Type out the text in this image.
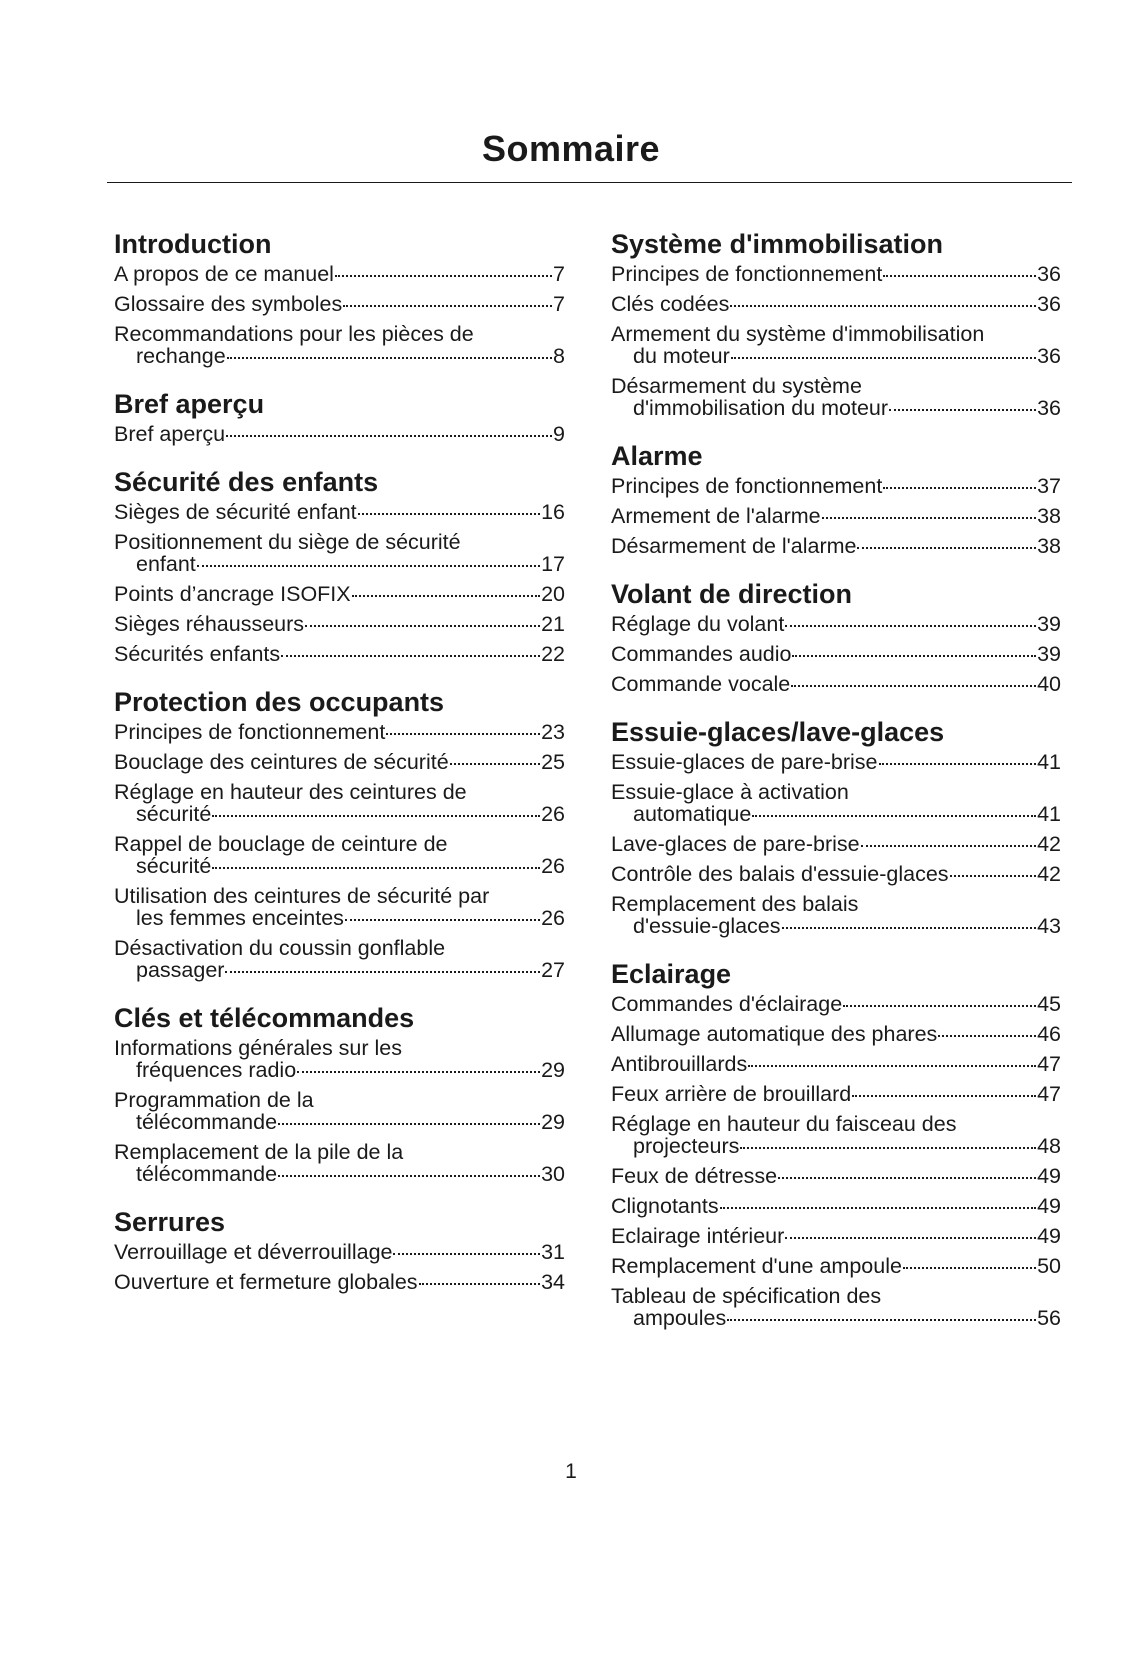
Sommaire
Introduction
A propos de ce manuel	7
Glossaire des symboles	7
Recommandations pour les pièces de
rechange	8
Bref aperçu
Bref aperçu	9
Sécurité des enfants
Sièges de sécurité enfant	16
Positionnement du siège de sécurité
enfant	17
Points d’ancrage ISOFIX	20
Sièges réhausseurs	21
Sécurités enfants	22
Protection des occupants
Principes de fonctionnement	23
Bouclage des ceintures de sécurité	25
Réglage en hauteur des ceintures de
sécurité	26
Rappel de bouclage de ceinture de
sécurité	26
Utilisation des ceintures de sécurité par
les femmes enceintes	26
Désactivation du coussin gonflable
passager	27
Clés et télécommandes
Informations générales sur les
fréquences radio	29
Programmation de la
télécommande	29
Remplacement de la pile de la
télécommande	30
Serrures
Verrouillage et déverrouillage	31
Ouverture et fermeture globales	34
Système d'immobilisation
Principes de fonctionnement	36
Clés codées	36
Armement du système d'immobilisation
du moteur	36
Désarmement du système
d'immobilisation du moteur	36
Alarme
Principes de fonctionnement	37
Armement de l'alarme	38
Désarmement de l'alarme	38
Volant de direction
Réglage du volant	39
Commandes audio	39
Commande vocale	40
Essuie-glaces/lave-glaces
Essuie-glaces de pare-brise	41
Essuie-glace à activation
automatique	41
Lave-glaces de pare-brise	42
Contrôle des balais d'essuie-glaces	42
Remplacement des balais
d'essuie-glaces	43
Eclairage
Commandes d'éclairage	45
Allumage automatique des phares	46
Antibrouillards	47
Feux arrière de brouillard	47
Réglage en hauteur du faisceau des
projecteurs	48
Feux de détresse	49
Clignotants	49
Eclairage intérieur	49
Remplacement d'une ampoule	50
Tableau de spécification des
ampoules	56
1
